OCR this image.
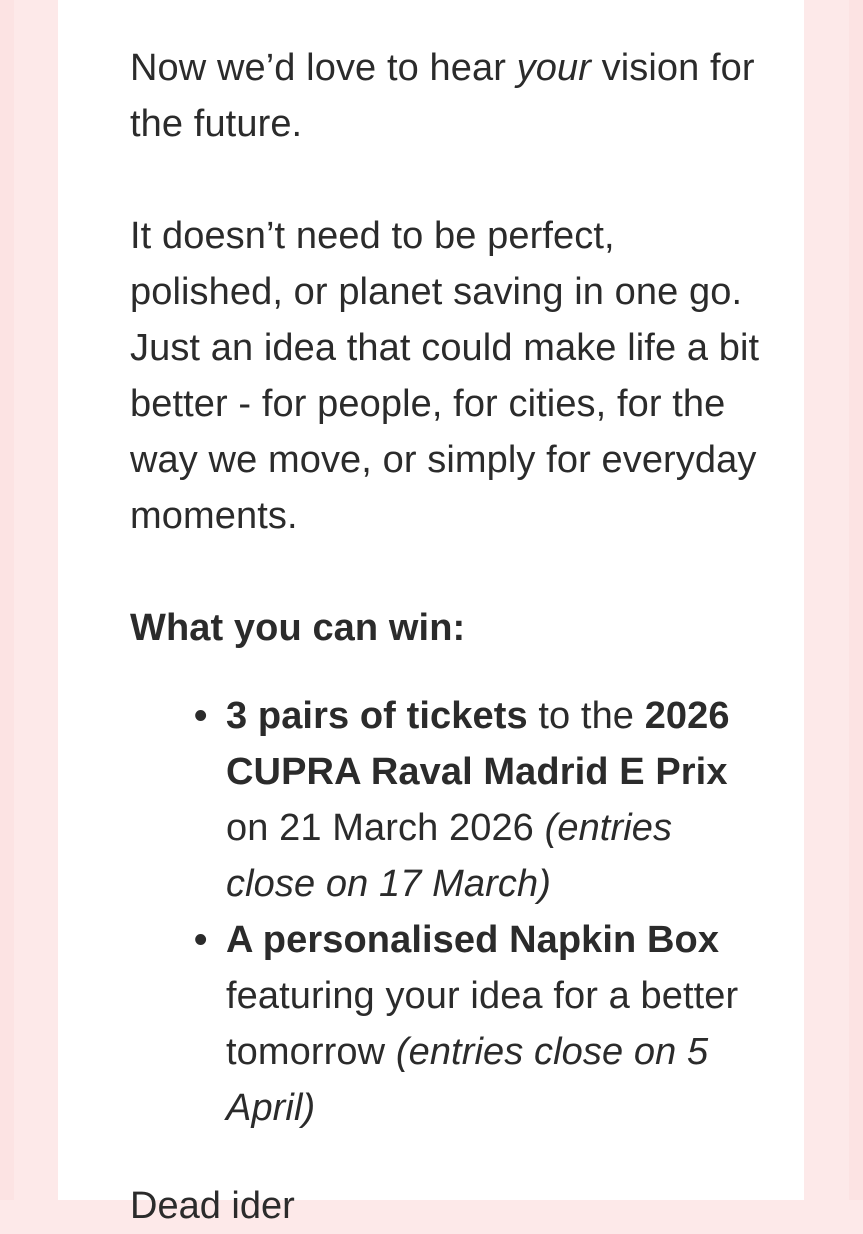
Now we’d love to hear your vision for the future.

It doesn’t need to be perfect, polished, or planet saving in one go. Just an idea that could make life a bit better - for people, for cities, for the way we move, or simply for everyday moments.

What you can win:

• 3 pairs of tickets to the 2026 CUPRA Raval Madrid E Prix on 21 March 2026 (entries close on 17 March)
• A personalised Napkin Box featuring your idea for a better tomorrow (entries close on 5 April)
Dead ider
